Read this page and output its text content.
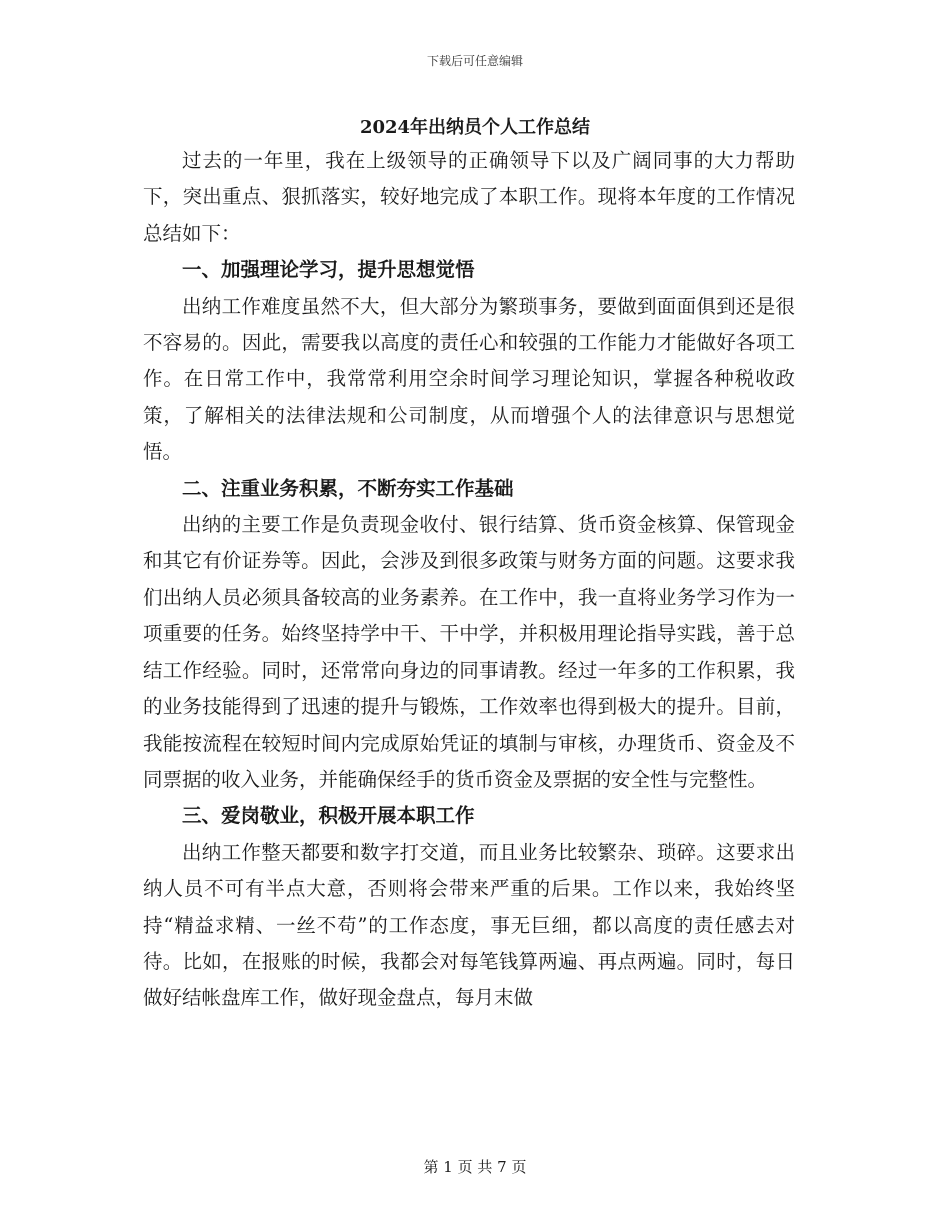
下载后可任意编辑
2024年出纳员个人工作总结

过去的一年里，我在上级领导的正确领导下以及广阔同事的大力帮助下，突出重点、狠抓落实，较好地完成了本职工作。现将本年度的工作情况总结如下：

一、加强理论学习，提升思想觉悟

出纳工作难度虽然不大，但大部分为繁琐事务，要做到面面俱到还是很不容易的。因此，需要我以高度的责任心和较强的工作能力才能做好各项工作。在日常工作中，我常常利用空余时间学习理论知识，掌握各种税收政策，了解相关的法律法规和公司制度，从而增强个人的法律意识与思想觉悟。

二、注重业务积累，不断夯实工作基础

出纳的主要工作是负责现金收付、银行结算、货币资金核算、保管现金和其它有价证券等。因此，会涉及到很多政策与财务方面的问题。这要求我们出纳人员必须具备较高的业务素养。在工作中，我一直将业务学习作为一项重要的任务。始终坚持学中干、干中学，并积极用理论指导实践，善于总结工作经验。同时，还常常向身边的同事请教。经过一年多的工作积累，我的业务技能得到了迅速的提升与锻炼，工作效率也得到极大的提升。目前，我能按流程在较短时间内完成原始凭证的填制与审核，办理货币、资金及不同票据的收入业务，并能确保经手的货币资金及票据的安全性与完整性。

三、爱岗敬业，积极开展本职工作

出纳工作整天都要和数字打交道，而且业务比较繁杂、琐碎。这要求出纳人员不可有半点大意，否则将会带来严重的后果。工作以来，我始终坚持“精益求精、一丝不苟”的工作态度，事无巨细，都以高度的责任感去对待。比如，在报账的时候，我都会对每笔钱算两遍、再点两遍。同时，每日做好结帐盘库工作，做好现金盘点，每月末做

第 1 页 共 7 页
